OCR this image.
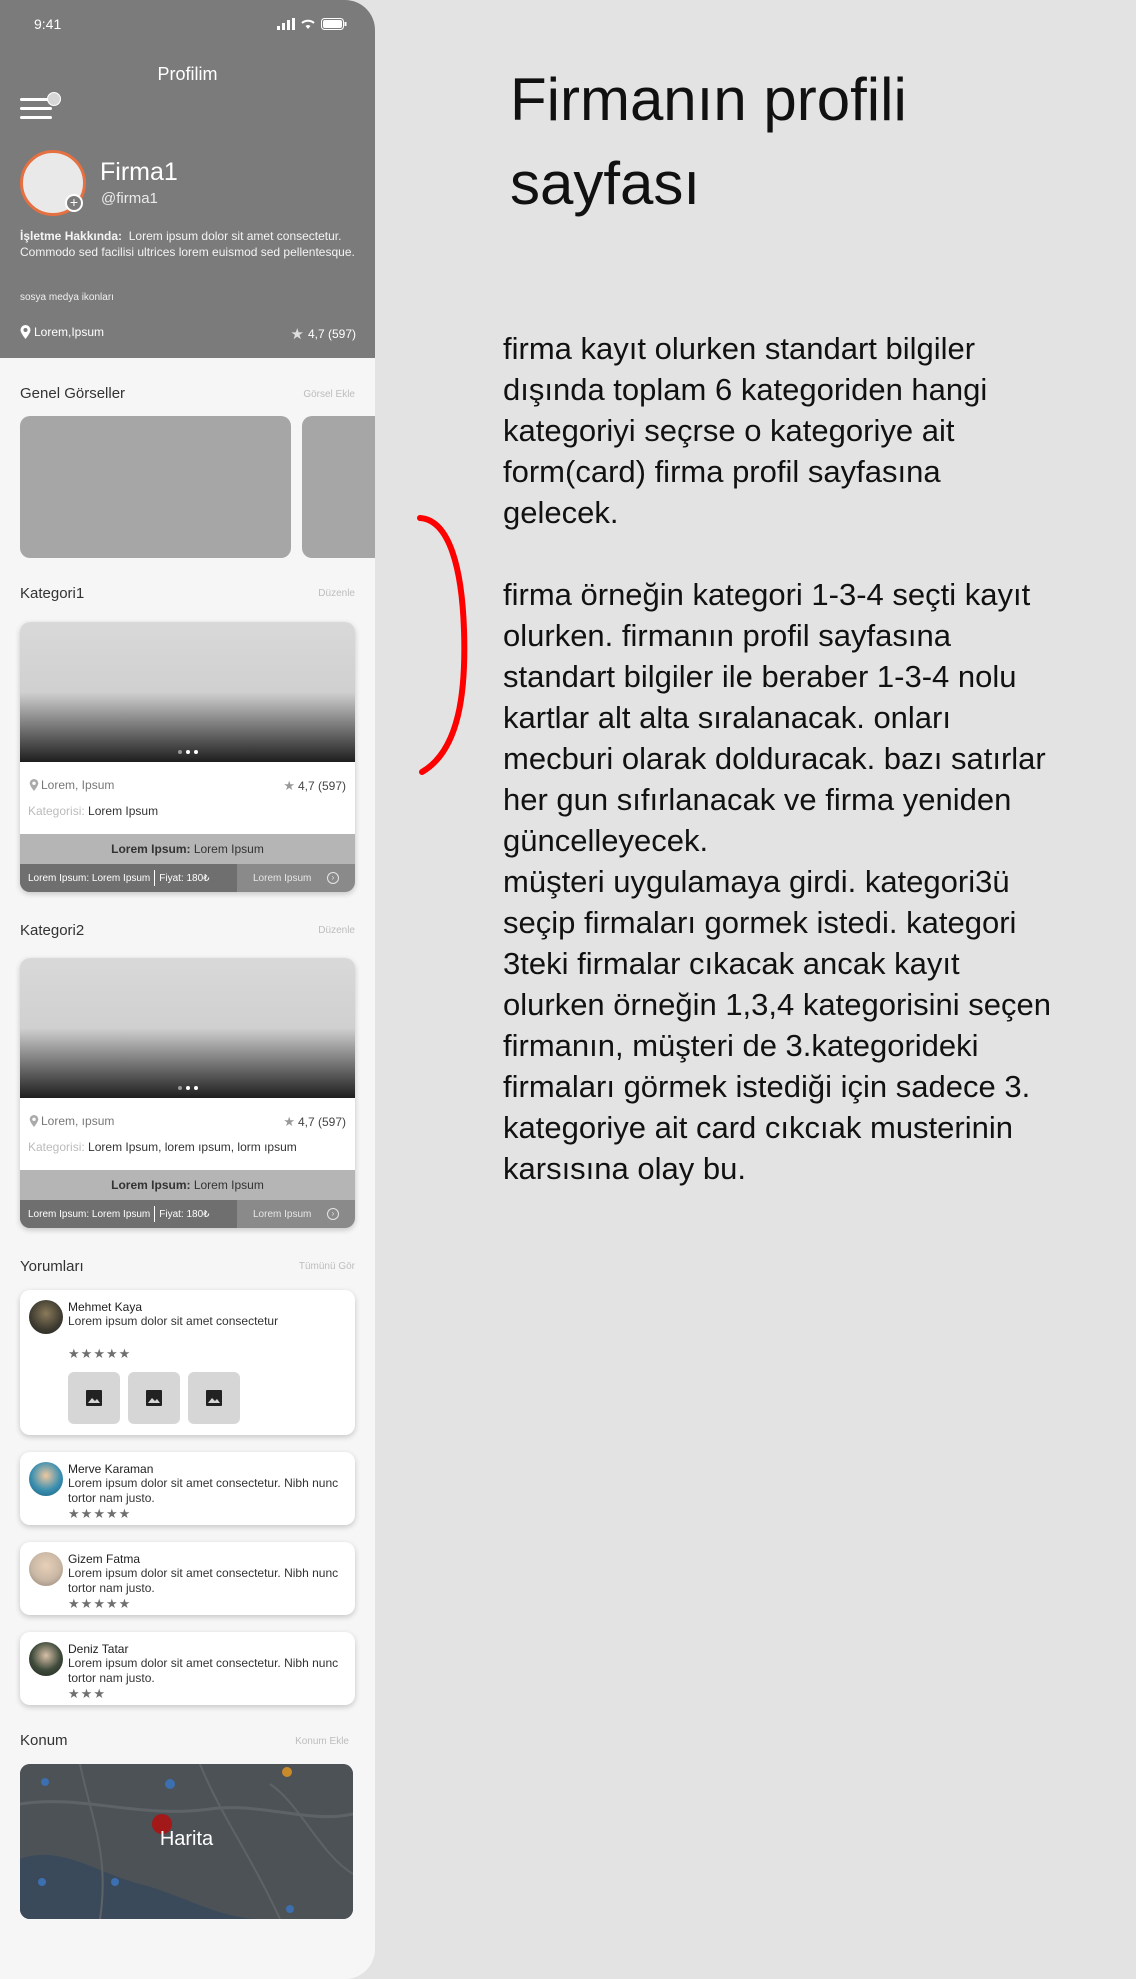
9:41
Profilim
+
Firma1
@firma1
İşletme Hakkında: Lorem ipsum dolor sit amet consectetur. Commodo sed facilisi ultrices lorem euismod sed pellentesque.
sosya medya ikonları
Lorem,Ipsum	★ 4,7 (597)
Genel Görseller	Görsel Ekle
Kategori1	Düzenle
Lorem, Ipsum	★ 4,7 (597)
Kategorisi: Lorem Ipsum
Lorem Ipsum: Lorem Ipsum
Lorem Ipsum: Lorem Ipsum Fiyat: 180₺	Lorem Ipsum	›
Kategori2	Düzenle
Lorem, ıpsum	★ 4,7 (597)
Kategorisi: Lorem Ipsum, lorem ıpsum, lorm ıpsum
Lorem Ipsum: Lorem Ipsum
Lorem Ipsum: Lorem Ipsum Fiyat: 180₺	Lorem Ipsum	›
Yorumları	Tümünü Gör
Mehmet Kaya
Lorem ipsum dolor sit amet consectetur
★ ★ ★ ★ ★
Merve Karaman
Lorem ipsum dolor sit amet consectetur. Nibh nunc tortor nam justo.
★ ★ ★ ★ ★
Gizem Fatma
Lorem ipsum dolor sit amet consectetur. Nibh nunc tortor nam justo.
★ ★ ★ ★ ★
Deniz Tatar
Lorem ipsum dolor sit amet consectetur. Nibh nunc tortor nam justo.
★ ★ ★
Konum	Konum Ekle
Harita
Firmanın profili sayfası

firma kayıt olurken standart bilgiler dışında toplam 6 kategoriden hangi kategoriyi seçrse o kategoriye ait form(card) firma profil sayfasına gelecek.

firma örneğin kategori 1-3-4 seçti kayıt olurken. firmanın profil sayfasına standart bilgiler ile beraber 1-3-4 nolu kartlar alt alta sıralanacak. onları mecburi olarak dolduracak. bazı satırlar her gun sıfırlanacak ve firma yeniden güncelleyecek.

müşteri uygulamaya girdi. kategori3ü seçip firmaları gormek istedi. kategori 3teki firmalar cıkacak ancak kayıt olurken örneğin 1,3,4 kategorisini seçen firmanın, müşteri de 3.kategorideki firmaları görmek istediği için sadece 3. kategoriye ait card cıkcıak musterinin karsısına olay bu.
